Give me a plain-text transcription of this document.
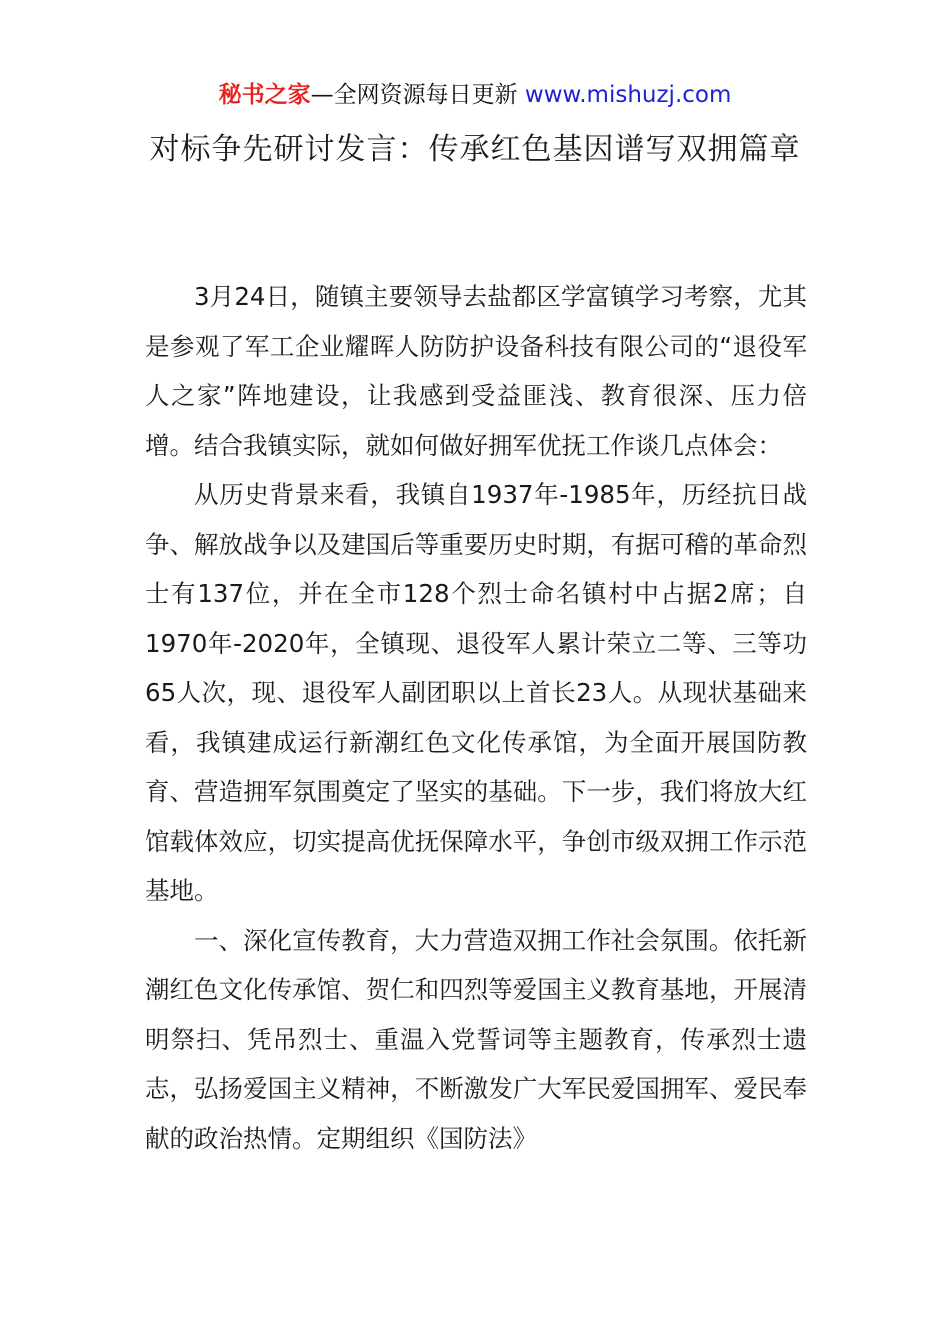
秘书之家—全网资源每日更新 www.mishuzj.com
对标争先研讨发言：传承红色基因谱写双拥篇章

3月24日，随镇主要领导去盐都区学富镇学习考察，尤其是参观了军工企业耀晖人防防护设备科技有限公司的“退役军人之家”阵地建设，让我感到受益匪浅、教育很深、压力倍增。结合我镇实际，就如何做好拥军优抚工作谈几点体会：

从历史背景来看，我镇自1937年-1985年，历经抗日战争、解放战争以及建国后等重要历史时期，有据可稽的革命烈士有137位，并在全市128个烈士命名镇村中占据2席；自1970年-2020年，全镇现、退役军人累计荣立二等、三等功65人次，现、退役军人副团职以上首长23人。从现状基础来看，我镇建成运行新潮红色文化传承馆，为全面开展国防教育、营造拥军氛围奠定了坚实的基础。下一步，我们将放大红馆载体效应，切实提高优抚保障水平，争创市级双拥工作示范基地。

一、深化宣传教育，大力营造双拥工作社会氛围。依托新潮红色文化传承馆、贺仁和四烈等爱国主义教育基地，开展清明祭扫、凭吊烈士、重温入党誓词等主题教育，传承烈士遗志，弘扬爱国主义精神，不断激发广大军民爱国拥军、爱民奉献的政治热情。定期组织《国防法》
